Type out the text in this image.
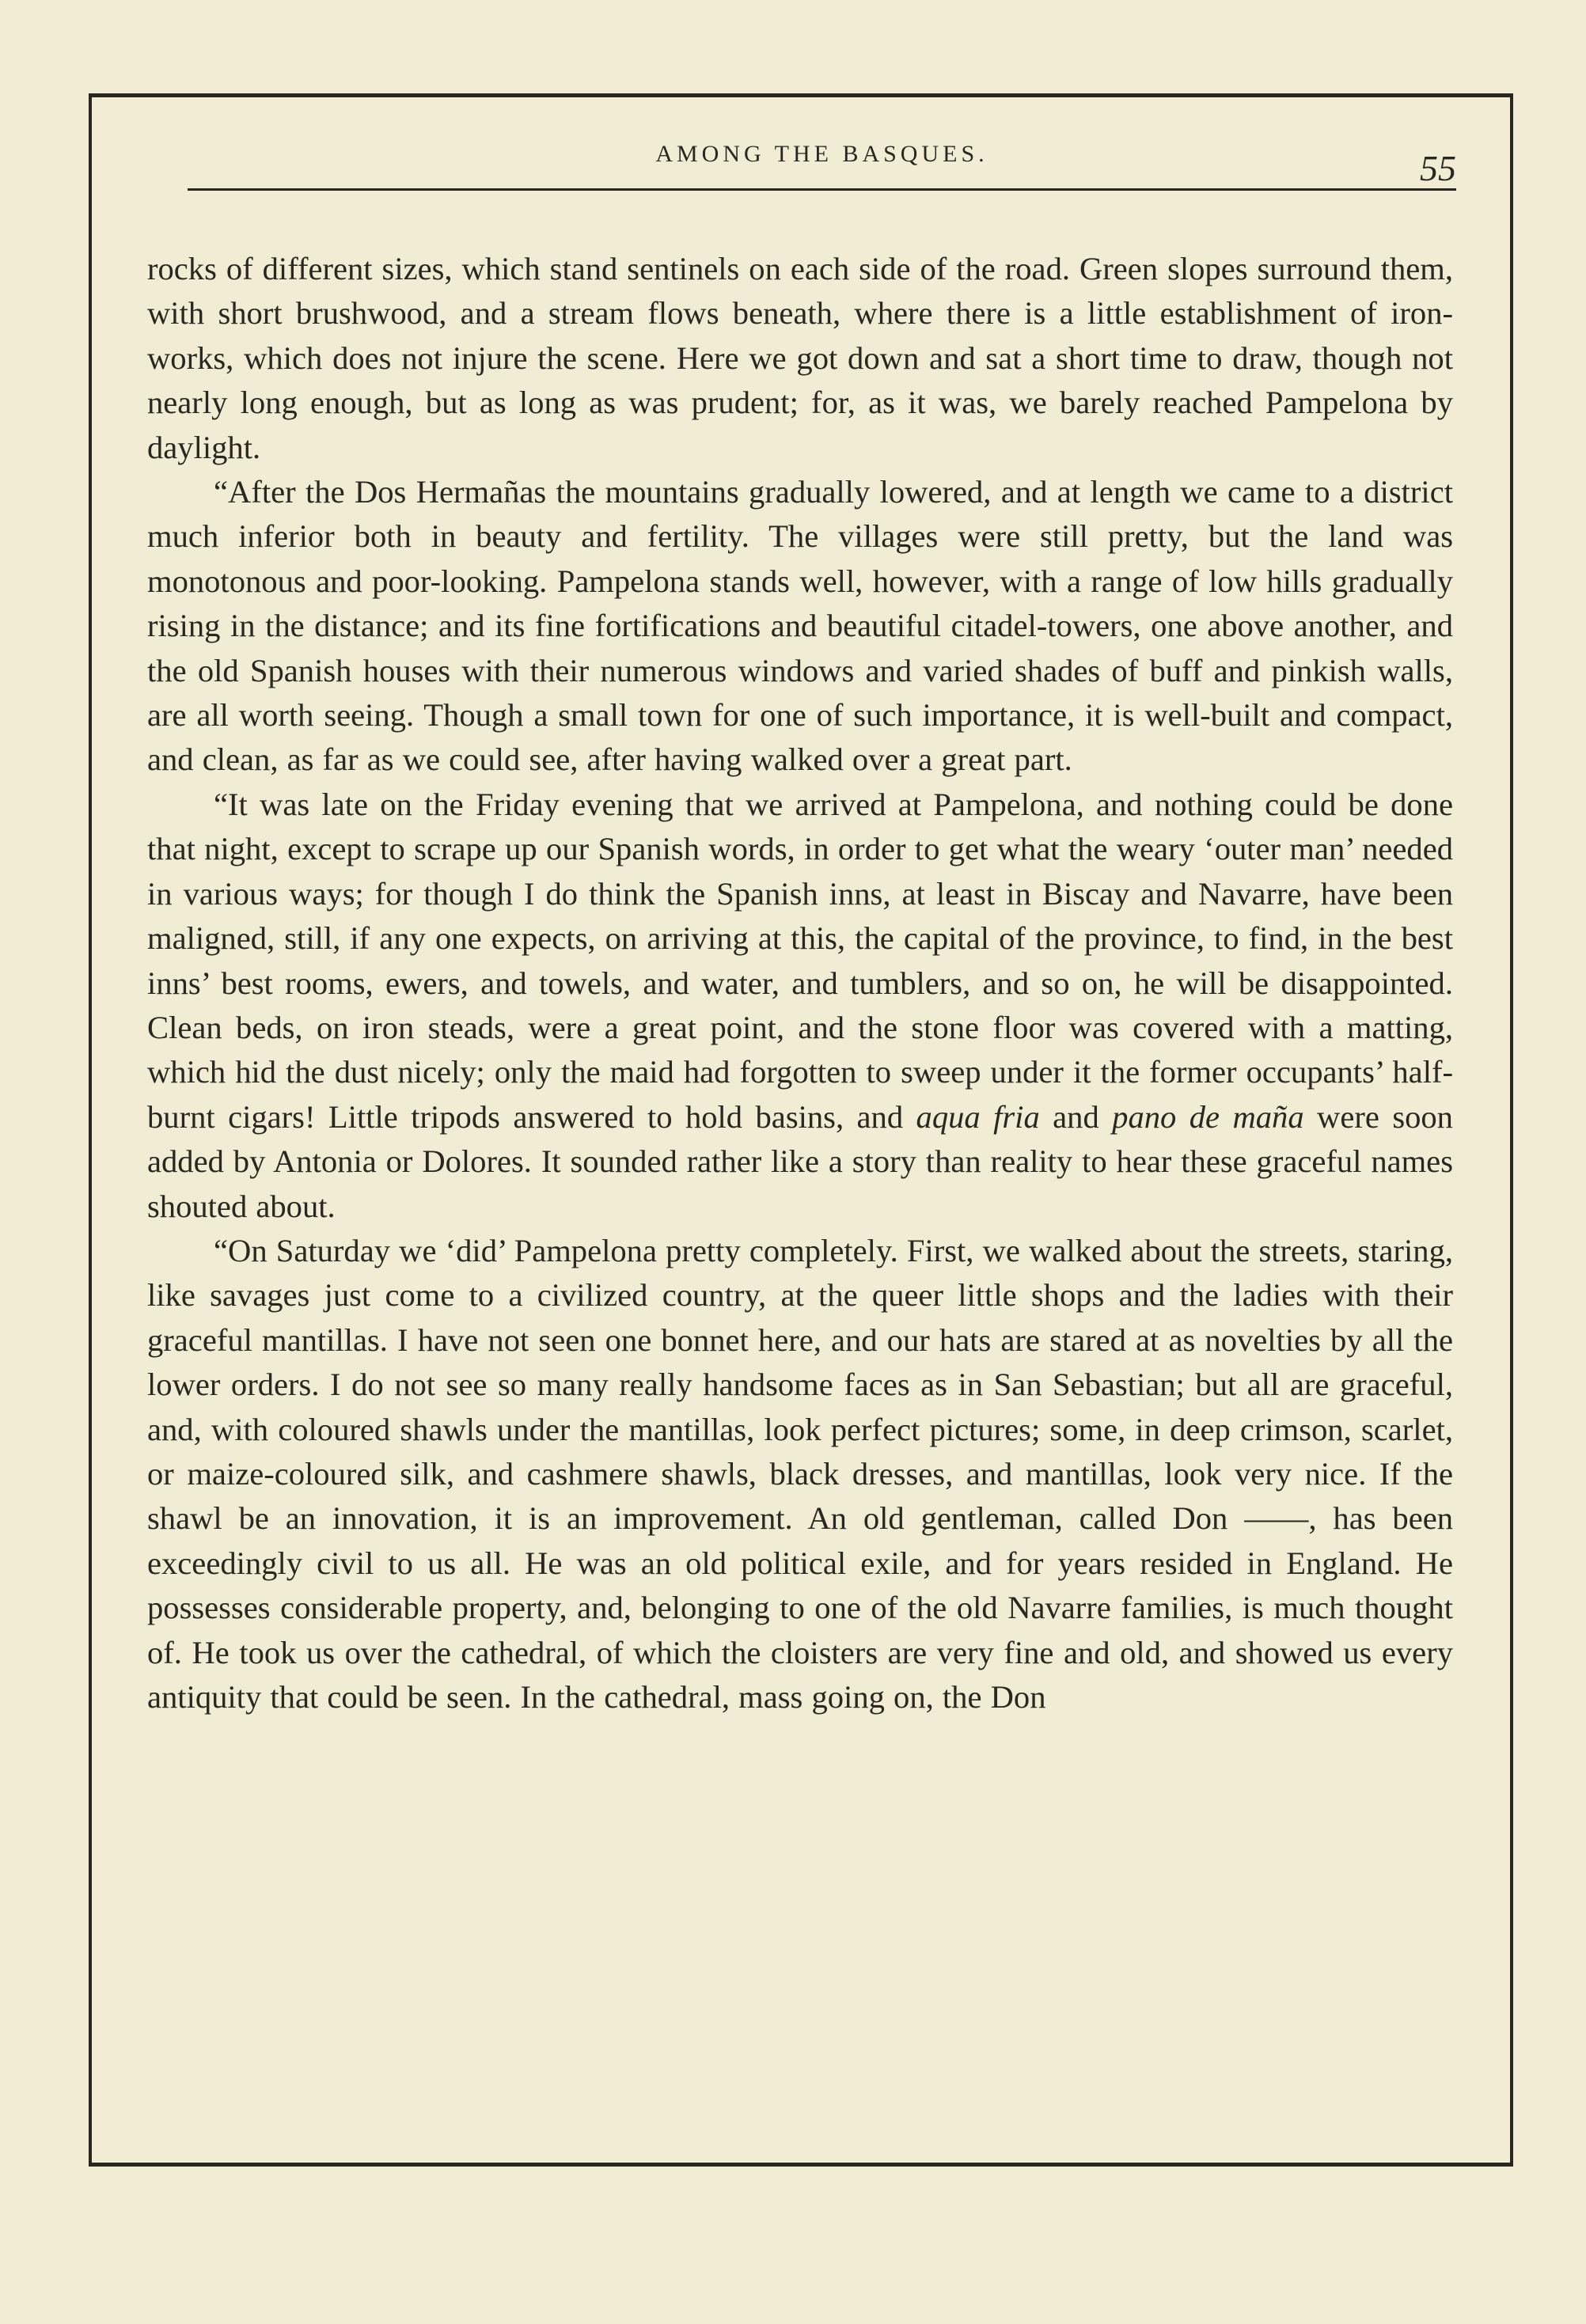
AMONG THE BASQUES.	55

rocks of different sizes, which stand sentinels on each side of the road. Green slopes surround them, with short brushwood, and a stream flows beneath, where there is a little establishment of iron-works, which does not injure the scene. Here we got down and sat a short time to draw, though not nearly long enough, but as long as was prudent; for, as it was, we barely reached Pampelona by daylight.

“After the Dos Hermañas the mountains gradually lowered, and at length we came to a district much inferior both in beauty and fertility. The villages were still pretty, but the land was monotonous and poor-looking. Pampelona stands well, however, with a range of low hills gradually rising in the distance; and its fine fortifications and beautiful citadel-towers, one above another, and the old Spanish houses with their numerous windows and varied shades of buff and pinkish walls, are all worth seeing. Though a small town for one of such importance, it is well-built and compact, and clean, as far as we could see, after having walked over a great part.

“It was late on the Friday evening that we arrived at Pampelona, and nothing could be done that night, except to scrape up our Spanish words, in order to get what the weary ‘outer man’ needed in various ways; for though I do think the Spanish inns, at least in Biscay and Navarre, have been maligned, still, if any one expects, on arriving at this, the capital of the province, to find, in the best inns’ best rooms, ewers, and towels, and water, and tumblers, and so on, he will be disappointed. Clean beds, on iron steads, were a great point, and the stone floor was covered with a matting, which hid the dust nicely; only the maid had forgotten to sweep under it the former occupants’ half-burnt cigars! Little tripods answered to hold basins, and aqua fria and pano de maña were soon added by Antonia or Dolores. It sounded rather like a story than reality to hear these graceful names shouted about.

“On Saturday we ‘did’ Pampelona pretty completely. First, we walked about the streets, staring, like savages just come to a civilized country, at the queer little shops and the ladies with their graceful mantillas. I have not seen one bonnet here, and our hats are stared at as novelties by all the lower orders. I do not see so many really handsome faces as in San Sebastian; but all are graceful, and, with coloured shawls under the mantillas, look perfect pictures; some, in deep crimson, scarlet, or maize-coloured silk, and cashmere shawls, black dresses, and mantillas, look very nice. If the shawl be an innovation, it is an improvement. An old gentleman, called Don ——, has been exceedingly civil to us all. He was an old political exile, and for years resided in England. He possesses considerable property, and, belonging to one of the old Navarre families, is much thought of. He took us over the cathedral, of which the cloisters are very fine and old, and showed us every antiquity that could be seen. In the cathedral, mass going on, the Don
